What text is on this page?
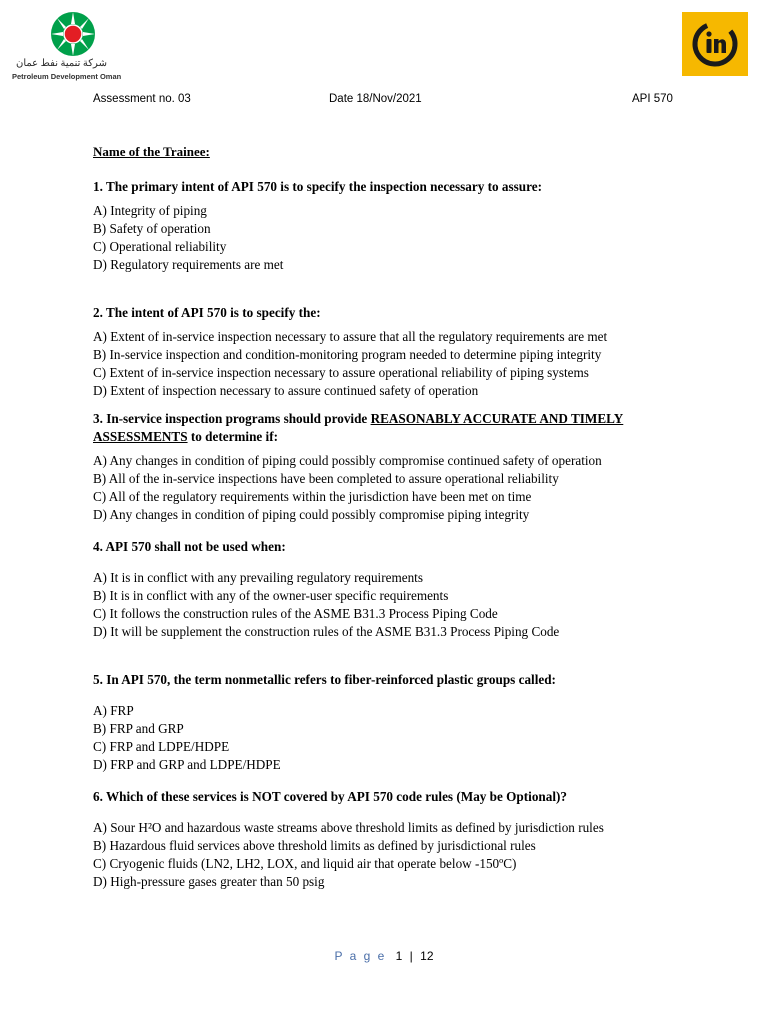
شركة تنمية نفط عمان
Petroleum Development Oman
Assessment no. 03	Date 18/Nov/2021	API 570

Name of the Trainee:

1. The primary intent of API 570 is to specify the inspection necessary to assure:

A) Integrity of piping

B) Safety of operation

C) Operational reliability

D) Regulatory requirements are met

2. The intent of API 570 is to specify the:

A) Extent of in-service inspection necessary to assure that all the regulatory requirements are met

B) In-service inspection and condition-monitoring program needed to determine piping integrity

C) Extent of in-service inspection necessary to assure operational reliability of piping systems

D) Extent of inspection necessary to assure continued safety of operation

3. In-service inspection programs should provide REASONABLY ACCURATE AND TIMELY ASSESSMENTS to determine if:

A) Any changes in condition of piping could possibly compromise continued safety of operation

B) All of the in-service inspections have been completed to assure operational reliability

C) All of the regulatory requirements within the jurisdiction have been met on time

D) Any changes in condition of piping could possibly compromise piping integrity

4. API 570 shall not be used when:

A) It is in conflict with any prevailing regulatory requirements

B) It is in conflict with any of the owner-user specific requirements

C) It follows the construction rules of the ASME B31.3 Process Piping Code

D) It will be supplement the construction rules of the ASME B31.3 Process Piping Code

5. In API 570, the term nonmetallic refers to fiber-reinforced plastic groups called:

A) FRP

B) FRP and GRP

C) FRP and LDPE/HDPE

D) FRP and GRP and LDPE/HDPE

6. Which of these services is NOT covered by API 570 code rules (May be Optional)?

A) Sour H²O and hazardous waste streams above threshold limits as defined by jurisdiction rules

B) Hazardous fluid services above threshold limits as defined by jurisdictional rules

C) Cryogenic fluids (LN2, LH2, LOX, and liquid air that operate below -150ºC)

D) High-pressure gases greater than 50 psig

P a g e 1 | 12
